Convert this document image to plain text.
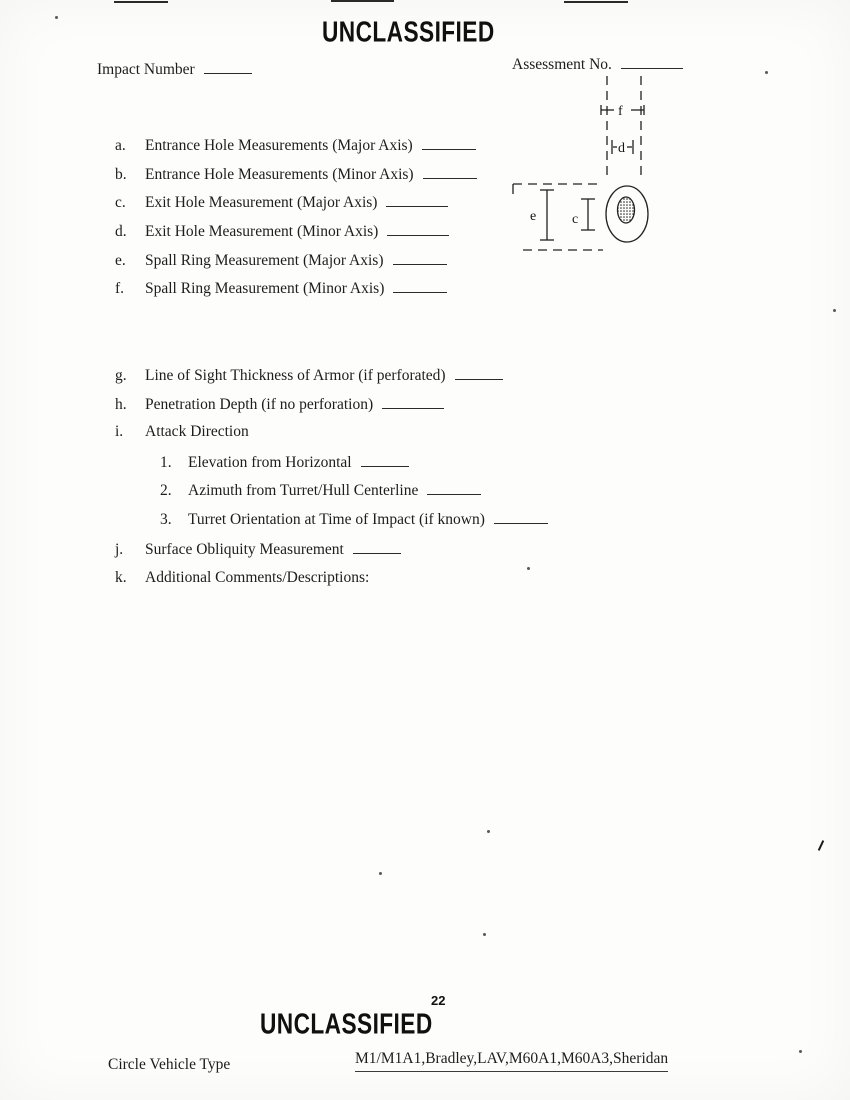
UNCLASSIFIED
Impact Number	Assessment No.
f
d
e	c
a. Entrance Hole Measurements (Major Axis)
b. Entrance Hole Measurements (Minor Axis)
c. Exit Hole Measurement (Major Axis)
d. Exit Hole Measurement (Minor Axis)
e. Spall Ring Measurement (Major Axis)
f. Spall Ring Measurement (Minor Axis)
g. Line of Sight Thickness of Armor (if perforated)
h. Penetration Depth (if no perforation)
i. Attack Direction
1. Elevation from Horizontal
2. Azimuth from Turret/Hull Centerline
3. Turret Orientation at Time of Impact (if known)
j. Surface Obliquity Measurement
k. Additional Comments/Descriptions:
22
UNCLASSIFIED
Circle Vehicle Type	M1/M1A1,Bradley,LAV,M60A1,M60A3,Sheridan
